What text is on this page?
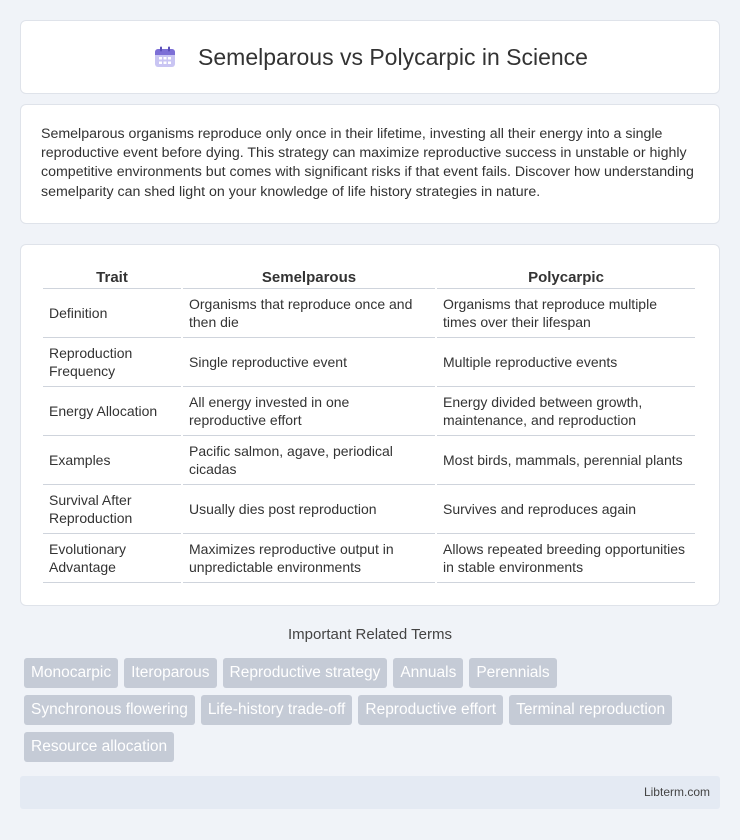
Semelparous vs Polycarpic in Science

Semelparous organisms reproduce only once in their lifetime, investing all their energy into a single reproductive event before dying. This strategy can maximize reproductive success in unstable or highly competitive environments but comes with significant risks if that event fails. Discover how understanding semelparity can shed light on your knowledge of life history strategies in nature.

Trait	Semelparous	Polycarpic
Definition	Organisms that reproduce once and then die	Organisms that reproduce multiple times over their lifespan
Reproduction Frequency	Single reproductive event	Multiple reproductive events
Energy Allocation	All energy invested in one reproductive effort	Energy divided between growth, maintenance, and reproduction
Examples	Pacific salmon, agave, periodical cicadas	Most birds, mammals, perennial plants
Survival After Reproduction	Usually dies post reproduction	Survives and reproduces again
Evolutionary Advantage	Maximizes reproductive output in unpredictable environments	Allows repeated breeding opportunities in stable environments
Important Related Terms
Monocarpic	Iteroparous	Reproductive strategy	Annuals	Perennials
Synchronous flowering	Life-history trade-off	Reproductive effort	Terminal reproduction
Resource allocation
Libterm.com
